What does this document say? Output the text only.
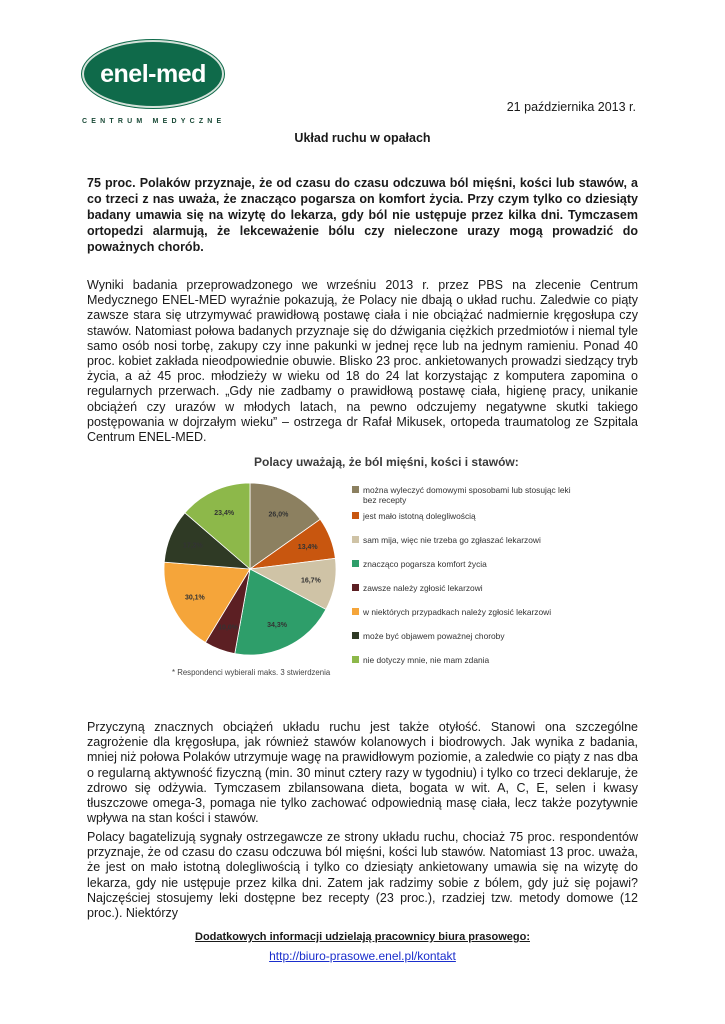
enel-med
CENTRUM MEDYCZNE
21 października 2013 r.
Układ ruchu w opałach

75 proc. Polaków przyznaje, że od czasu do czasu odczuwa ból mięśni, kości lub stawów, a co trzeci z nas uważa, że znacząco pogarsza on komfort życia. Przy czym tylko co dziesiąty badany umawia się na wizytę do lekarza, gdy ból nie ustępuje przez kilka dni. Tymczasem ortopedzi alarmują, że lekceważenie bólu czy nieleczone urazy mogą prowadzić do poważnych chorób.

Wyniki badania przeprowadzonego we wrześniu 2013 r. przez PBS na zlecenie Centrum Medycznego ENEL-MED wyraźnie pokazują, że Polacy nie dbają o układ ruchu. Zaledwie co piąty zawsze stara się utrzymywać prawidłową postawę ciała i nie obciążać nadmiernie kręgosłupa czy stawów. Natomiast połowa badanych przyznaje się do dźwigania ciężkich przedmiotów i niemal tyle samo osób nosi torbę, zakupy czy inne pakunki w jednej ręce lub na jednym ramieniu. Ponad 40 proc. kobiet zakłada nieodpowiednie obuwie. Blisko 23 proc. ankietowanych prowadzi siedzący tryb życia, a aż 45 proc. młodzieży w wieku od 18 do 24 lat korzystając z komputera zapomina o regularnych przerwach. „Gdy nie zadbamy o prawidłową postawę ciała, higienę pracy, unikanie obciążeń czy urazów w młodych latach, na pewno odczujemy negatywne skutki takiego postępowania w dojrzałym wieku” – ostrzega dr Rafał Mikusek, ortopeda traumatolog ze Szpitala Centrum ENEL-MED.

Polacy uważają, że ból mięśni, kości i stawów:
26,0%
13,4%
16,7%
34,3%
10,0%
30,1%
17,2%
23,4%
można wyleczyć domowymi sposobami lub stosując leki bez recepty
jest mało istotną dolegliwością
sam mija, więc nie trzeba go zgłaszać lekarzowi
znacząco pogarsza komfort życia
zawsze należy zgłosić lekarzowi
w niektórych przypadkach należy zgłosić lekarzowi
może być objawem poważnej choroby
nie dotyczy mnie, nie mam zdania
* Respondenci wybierali maks. 3 stwierdzenia

Przyczyną znacznych obciążeń układu ruchu jest także otyłość. Stanowi ona szczególne zagrożenie dla kręgosłupa, jak również stawów kolanowych i biodrowych. Jak wynika z badania, mniej niż połowa Polaków utrzymuje wagę na prawidłowym poziomie, a zaledwie co piąty z nas dba o regularną aktywność fizyczną (min. 30 minut cztery razy w tygodniu) i tylko co trzeci deklaruje, że zdrowo się odżywia. Tymczasem zbilansowana dieta, bogata w wit. A, C, E, selen i kwasy tłuszczowe omega-3, pomaga nie tylko zachować odpowiednią masę ciała, lecz także pozytywnie wpływa na stan kości i stawów.

Polacy bagatelizują sygnały ostrzegawcze ze strony układu ruchu, chociaż 75 proc. respondentów przyznaje, że od czasu do czasu odczuwa ból mięśni, kości lub stawów. Natomiast 13 proc. uważa, że jest on mało istotną dolegliwością i tylko co dziesiąty ankietowany umawia się na wizytę do lekarza, gdy nie ustępuje przez kilka dni. Zatem jak radzimy sobie z bólem, gdy już się pojawi? Najczęściej stosujemy leki dostępne bez recepty (23 proc.), rzadziej tzw. metody domowe (12 proc.). Niektórzy

Dodatkowych informacji udzielają pracownicy biura prasowego:
http://biuro-prasowe.enel.pl/kontakt
